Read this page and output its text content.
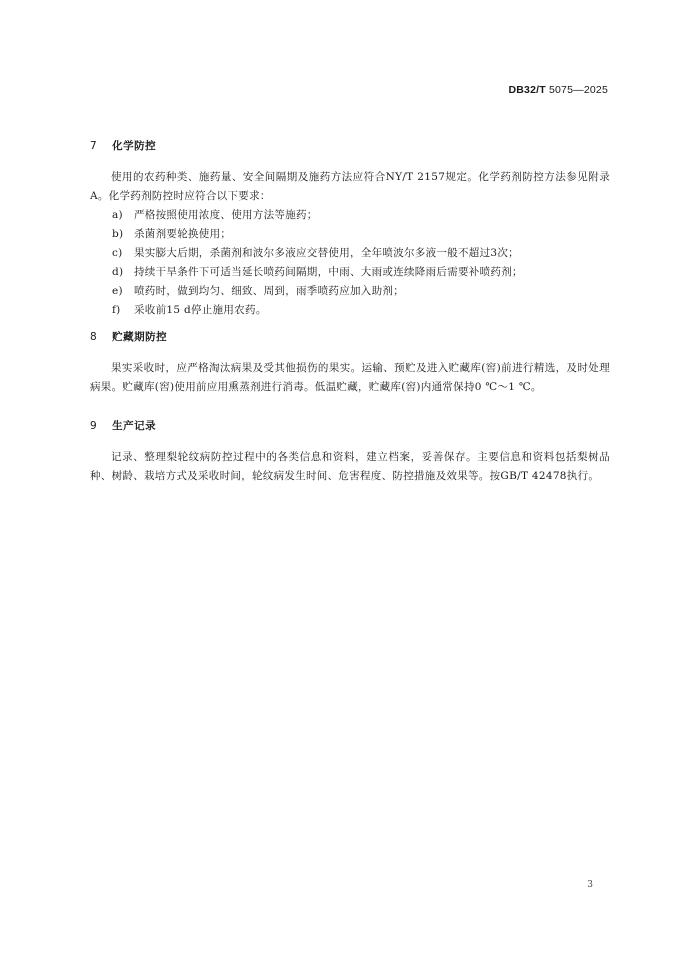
DB32/T 5075—2025
7 化学防控
使用的农药种类、施药量、安全间隔期及施药方法应符合NY/T 2157规定。化学药剂防控方法参见附录A。化学药剂防控时应符合以下要求：
a) 严格按照使用浓度、使用方法等施药；
b) 杀菌剂要轮换使用；
c) 果实膨大后期，杀菌剂和波尔多液应交替使用，全年喷波尔多液一般不超过3次；
d) 持续干旱条件下可适当延长喷药间隔期，中雨、大雨或连续降雨后需要补喷药剂；
e) 喷药时，做到均匀、细致、周到，雨季喷药应加入助剂；
f) 采收前15 d停止施用农药。
8 贮藏期防控
果实采收时，应严格淘汰病果及受其他损伤的果实。运输、预贮及进入贮藏库(窖)前进行精选，及时处理病果。贮藏库(窖)使用前应用熏蒸剂进行消毒。低温贮藏，贮藏库(窖)内通常保持0 ℃～1 ℃。
9 生产记录
记录、整理梨轮纹病防控过程中的各类信息和资料，建立档案，妥善保存。主要信息和资料包括梨树品种、树龄、栽培方式及采收时间，轮纹病发生时间、危害程度、防控措施及效果等。按GB/T 42478执行。
3
